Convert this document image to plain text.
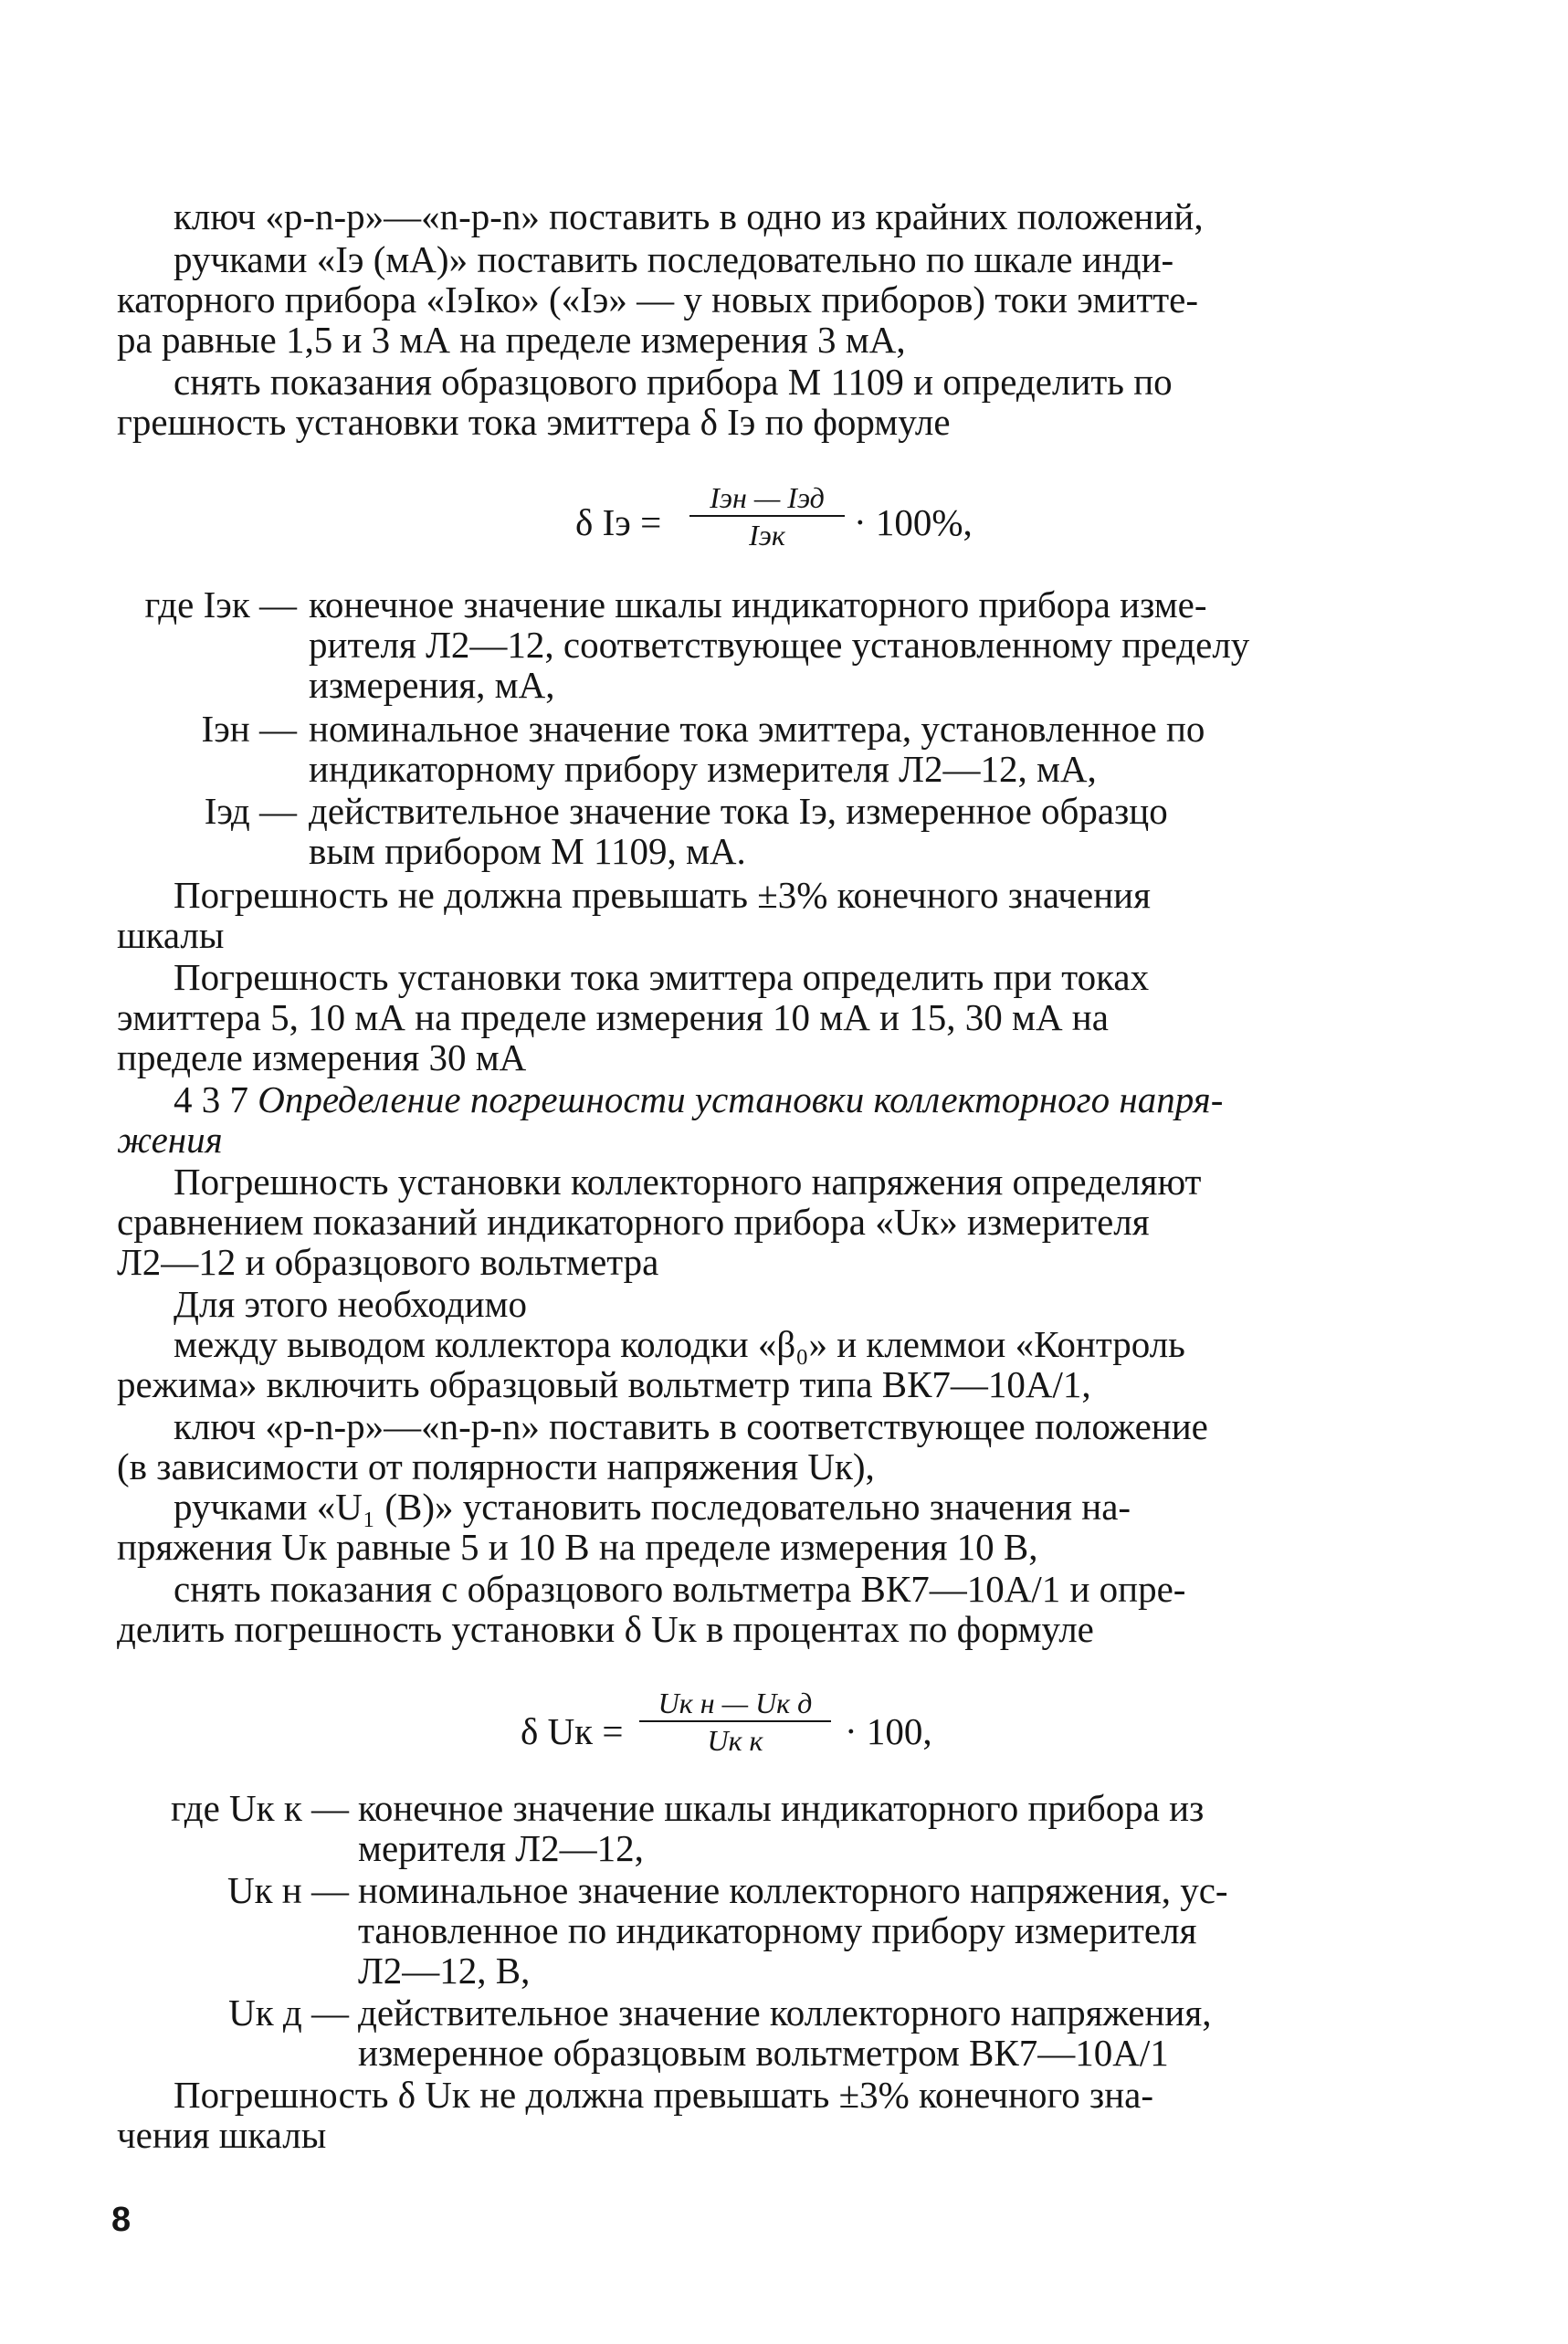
ключ «p-n-p»—«n-p-n» поставить в одно из крайних положений,
ручками «Iэ (мА)» поставить последовательно по шкале инди-
каторного прибора «IэIко» («Iэ» — у новых приборов) токи эмитте-
ра равные 1,5 и 3 мА на пределе измерения 3 мА,
снять показания образцового прибора М 1109 и определить по
грешность установки тока эмиттера δ Iэ по формуле
δ Iэ =
Iэн — Iэд
Iэк	· 100%,
где Iэк — конечное значение шкалы индикаторного прибора изме-
рителя Л2—12, соответствующее установленному пределу
измерения, мА,
Iэн — номинальное значение тока эмиттера, установленное по
индикаторному прибору измерителя Л2—12, мА,
Iэд — действительное значение тока Iэ, измеренное образцо
вым прибором М 1109, мА.
Погрешность не должна превышать ±3% конечного значения
шкалы
Погрешность установки тока эмиттера определить при токах
эмиттера 5, 10 мА на пределе измерения 10 мА и 15, 30 мА на
пределе измерения 30 мА
4 3 7 Определение погрешности установки коллекторного напря-
жения
Погрешность установки коллекторного напряжения определяют
сравнением показаний индикаторного прибора «Uк» измерителя
Л2—12 и образцового вольтметра
Для этого необходимо
между выводом коллектора колодки «β₀» и клеммои «Контроль
режима» включить образцовый вольтметр типа ВК7—10А/1,
ключ «p-n-p»—«n-p-n» поставить в соответствующее положение
(в зависимости от полярности напряжения Uк),
ручками «U₁ (В)» установить последовательно значения на-
пряжения Uк равные 5 и 10 В на пределе измерения 10 В,
снять показания с образцового вольтметра ВК7—10А/1 и опре-
делить погрешность установки δ Uк в процентах по формуле
δ Uк =
Uк н — Uк д
Uк к	· 100,
где Uк к — конечное значение шкалы индикаторного прибора из
мерителя Л2—12,
Uк н — номинальное значение коллекторного напряжения, ус-
тановленное по индикаторному прибору измерителя
Л2—12, В,
Uк д — действительное значение коллекторного напряжения,
измеренное образцовым вольтметром ВК7—10А/1
Погрешность δ Uк не должна превышать ±3% конечного зна-
чения шкалы
8
